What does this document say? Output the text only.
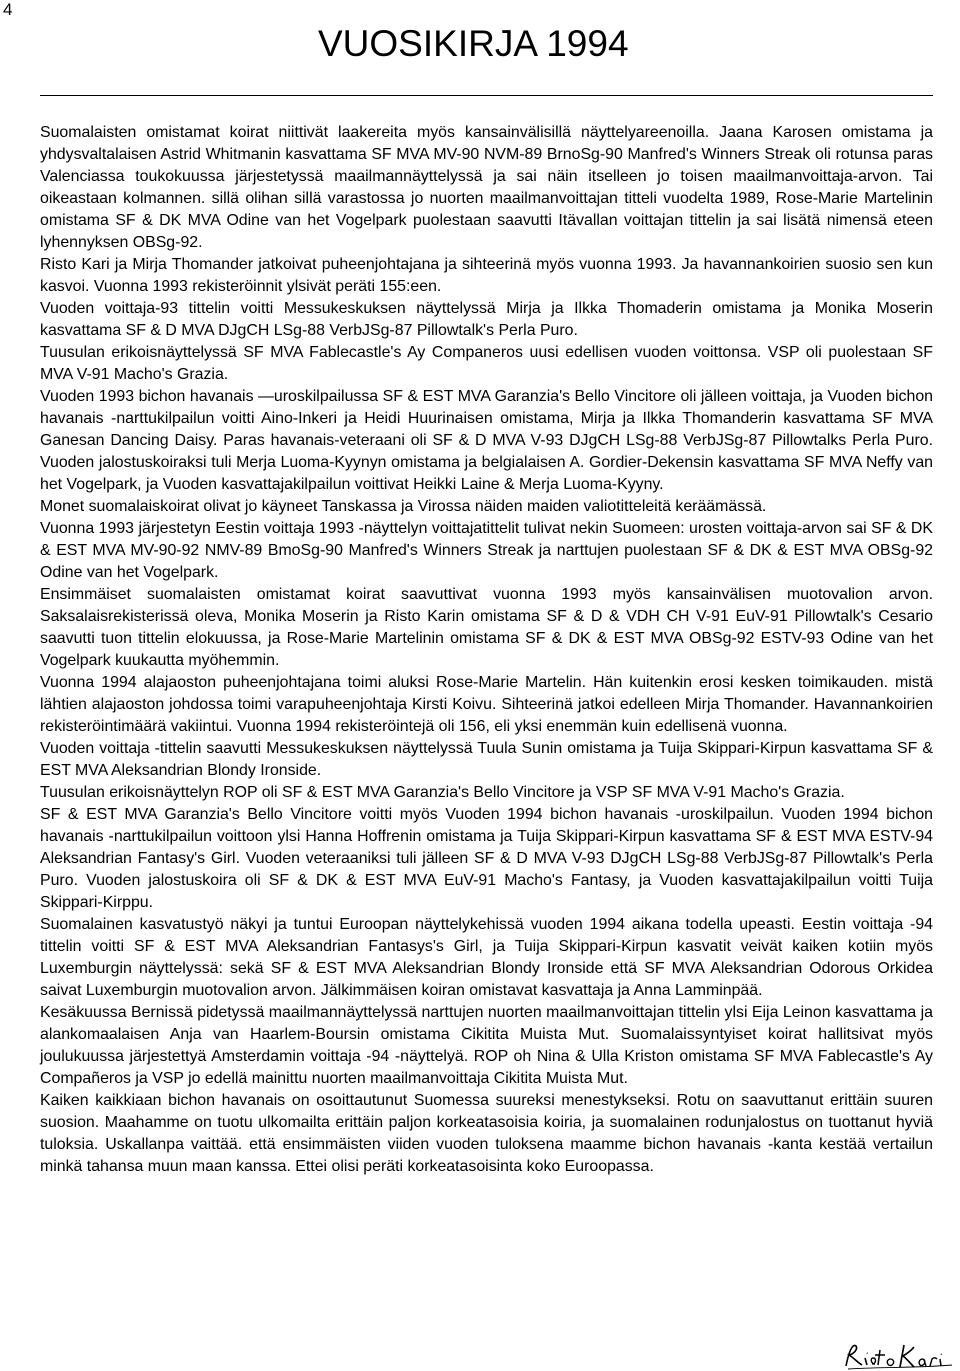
4
VUOSIKIRJA 1994

Suomalaisten omistamat koirat niittivät laakereita myös kansainvälisillä näyttelyareenoilla. Jaana Karosen omistama ja yhdysvaltalaisen Astrid Whitmanin kasvattama SF MVA MV-90 NVM-89 BrnoSg-90 Manfred's Winners Streak oli rotunsa paras Valenciassa toukokuussa järjestetyssä maailmannäyttelyssä ja sai näin itselleen jo toisen maailmanvoittaja-arvon. Tai oikeastaan kolmannen. sillä olihan sillä varastossa jo nuorten maailmanvoittajan titteli vuodelta 1989, Rose-Marie Martelinin omistama SF & DK MVA Odine van het Vogelpark puolestaan saavutti Itävallan voittajan tittelin ja sai lisätä nimensä eteen lyhennyksen OBSg-92.

Risto Kari ja Mirja Thomander jatkoivat puheenjohtajana ja sihteerinä myös vuonna 1993. Ja havannankoirien suosio sen kun kasvoi. Vuonna 1993 rekisteröinnit ylsivät peräti 155:een.

Vuoden voittaja-93 tittelin voitti Messukeskuksen näyttelyssä Mirja ja Ilkka Thomaderin omistama ja Monika Moserin kasvattama SF & D MVA DJgCH LSg-88 VerbJSg-87 Pillowtalk's Perla Puro.

Tuusulan erikoisnäyttelyssä SF MVA Fablecastle's Ay Companeros uusi edellisen vuoden voittonsa. VSP oli puolestaan SF MVA V-91 Macho's Grazia.

Vuoden 1993 bichon havanais —uroskilpailussa SF & EST MVA Garanzia's Bello Vincitore oli jälleen voittaja, ja Vuoden bichon havanais -narttukilpailun voitti Aino-Inkeri ja Heidi Huurinaisen omistama, Mirja ja Ilkka Thomanderin kasvattama SF MVA Ganesan Dancing Daisy. Paras havanais-veteraani oli SF & D MVA V-93 DJgCH LSg-88 VerbJSg-87 Pillowtalks Perla Puro. Vuoden jalostuskoiraksi tuli Merja Luoma-Kyynyn omistama ja belgialaisen A. Gordier-Dekensin kasvattama SF MVA Neffy van het Vogelpark, ja Vuoden kasvattajakilpailun voittivat Heikki Laine & Merja Luoma-Kyyny.

Monet suomalaiskoirat olivat jo käyneet Tanskassa ja Virossa näiden maiden valiotitteleitä keräämässä.

Vuonna 1993 järjestetyn Eestin voittaja 1993 -näyttelyn voittajatittelit tulivat nekin Suomeen: urosten voittaja-arvon sai SF & DK & EST MVA MV-90-92 NMV-89 BmoSg-90 Manfred's Winners Streak ja narttujen puolestaan SF & DK & EST MVA OBSg-92 Odine van het Vogelpark.

Ensimmäiset suomalaisten omistamat koirat saavuttivat vuonna 1993 myös kansainvälisen muotovalion arvon. Saksalaisrekisterissä oleva, Monika Moserin ja Risto Karin omistama SF & D & VDH CH V-91 EuV-91 Pillowtalk's Cesario saavutti tuon tittelin elokuussa, ja Rose-Marie Martelinin omistama SF & DK & EST MVA OBSg-92 ESTV-93 Odine van het Vogelpark kuukautta myöhemmin.

Vuonna 1994 alajaoston puheenjohtajana toimi aluksi Rose-Marie Martelin. Hän kuitenkin erosi kesken toimikauden. mistä lähtien alajaoston johdossa toimi varapuheenjohtaja Kirsti Koivu. Sihteerinä jatkoi edelleen Mirja Thomander. Havannankoirien rekisteröintimäärä vakiintui. Vuonna 1994 rekisteröintejä oli 156, eli yksi enemmän kuin edellisenä vuonna.

Vuoden voittaja -tittelin saavutti Messukeskuksen näyttelyssä Tuula Sunin omistama ja Tuija Skippari-Kirpun kasvattama SF & EST MVA Aleksandrian Blondy Ironside.

Tuusulan erikoisnäyttelyn ROP oli SF & EST MVA Garanzia's Bello Vincitore ja VSP SF MVA V-91 Macho's Grazia.

SF & EST MVA Garanzia's Bello Vincitore voitti myös Vuoden 1994 bichon havanais -uroskilpailun. Vuoden 1994 bichon havanais -narttukilpailun voittoon ylsi Hanna Hoffrenin omistama ja Tuija Skippari-Kirpun kasvattama SF & EST MVA ESTV-94 Aleksandrian Fantasy's Girl. Vuoden veteraaniksi tuli jälleen SF & D MVA V-93 DJgCH LSg-88 VerbJSg-87 Pillowtalk's Perla Puro. Vuoden jalostuskoira oli SF & DK & EST MVA EuV-91 Macho's Fantasy, ja Vuoden kasvattajakilpailun voitti Tuija Skippari-Kirppu.

Suomalainen kasvatustyö näkyi ja tuntui Euroopan näyttelykehissä vuoden 1994 aikana todella upeasti. Eestin voittaja -94 tittelin voitti SF & EST MVA Aleksandrian Fantasys's Girl, ja Tuija Skippari-Kirpun kasvatit veivät kaiken kotiin myös Luxemburgin näyttelyssä: sekä SF & EST MVA Aleksandrian Blondy Ironside että SF MVA Aleksandrian Odorous Orkidea saivat Luxemburgin muotovalion arvon. Jälkimmäisen koiran omistavat kasvattaja ja Anna Lamminpää.

Kesäkuussa Bernissä pidetyssä maailmannäyttelyssä narttujen nuorten maailmanvoittajan tittelin ylsi Eija Leinon kasvattama ja alankomaalaisen Anja van Haarlem-Boursin omistama Cikitita Muista Mut. Suomalaissyntyiset koirat hallitsivat myös joulukuussa järjestettyä Amsterdamin voittaja -94 -näyttelyä. ROP oh Nina & Ulla Kriston omistama SF MVA Fablecastle's Ay Compañeros ja VSP jo edellä mainittu nuorten maailmanvoittaja Cikitita Muista Mut.

Kaiken kaikkiaan bichon havanais on osoittautunut Suomessa suureksi menestykseksi. Rotu on saavuttanut erittäin suuren suosion. Maahamme on tuotu ulkomailta erittäin paljon korkeatasoisia koiria, ja suomalainen rodunjalostus on tuottanut hyviä tuloksia. Uskallanpa vaittää. että ensimmäisten viiden vuoden tuloksena maamme bichon havanais -kanta kestää vertailun minkä tahansa muun maan kanssa. Ettei olisi peräti korkeatasoisinta koko Euroopassa.
